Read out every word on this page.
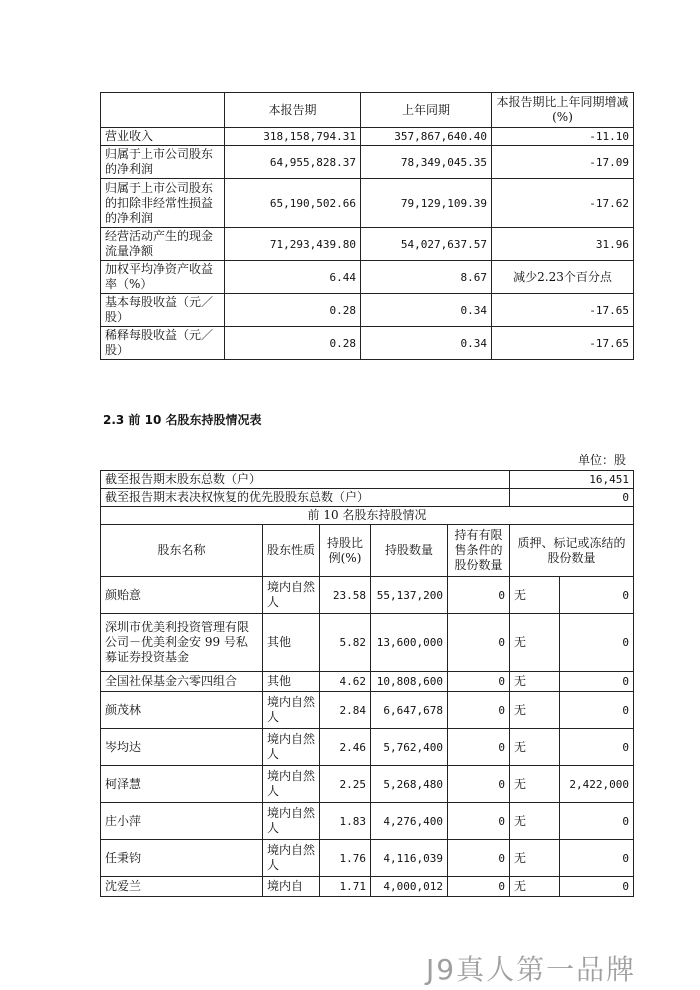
	本报告期	上年同期	本报告期比上年同期增减(%)
营业收入	318,158,794.31	357,867,640.40	-11.10
归属于上市公司股东的净利润	64,955,828.37	78,349,045.35	-17.09
归属于上市公司股东的扣除非经常性损益的净利润	65,190,502.66	79,129,109.39	-17.62
经营活动产生的现金流量净额	71,293,439.80	54,027,637.57	31.96
加权平均净资产收益率（%）	6.44	8.67	减少2.23个百分点
基本每股收益（元／股）	0.28	0.34	-17.65
稀释每股收益（元／股）	0.28	0.34	-17.65
2.3 前 10 名股东持股情况表
单位：股
截至报告期末股东总数（户）					16,451	
截至报告期末表决权恢复的优先股股东总数（户）					0	
前 10 名股东持股情况						
股东名称	股东性质	持股比例(%)	持股数量	持有有限售条件的股份数量	质押、标记或冻结的股份数量	
颜贻意	境内自然人	23.58	55,137,200	0	无	0
深圳市优美利投资管理有限公司－优美利金安 99 号私募证券投资基金	其他	5.82	13,600,000	0	无	0
全国社保基金六零四组合	其他	4.62	10,808,600	0	无	0
颜茂林	境内自然人	2.84	6,647,678	0	无	0
岑均达	境内自然人	2.46	5,762,400	0	无	0
柯泽慧	境内自然人	2.25	5,268,480	0	无	2,422,000
庄小萍	境内自然人	1.83	4,276,400	0	无	0
任秉钧	境内自然人	1.76	4,116,039	0	无	0
沈爱兰	境内自	1.71	4,000,012	0	无	0
J9真人第一品牌
